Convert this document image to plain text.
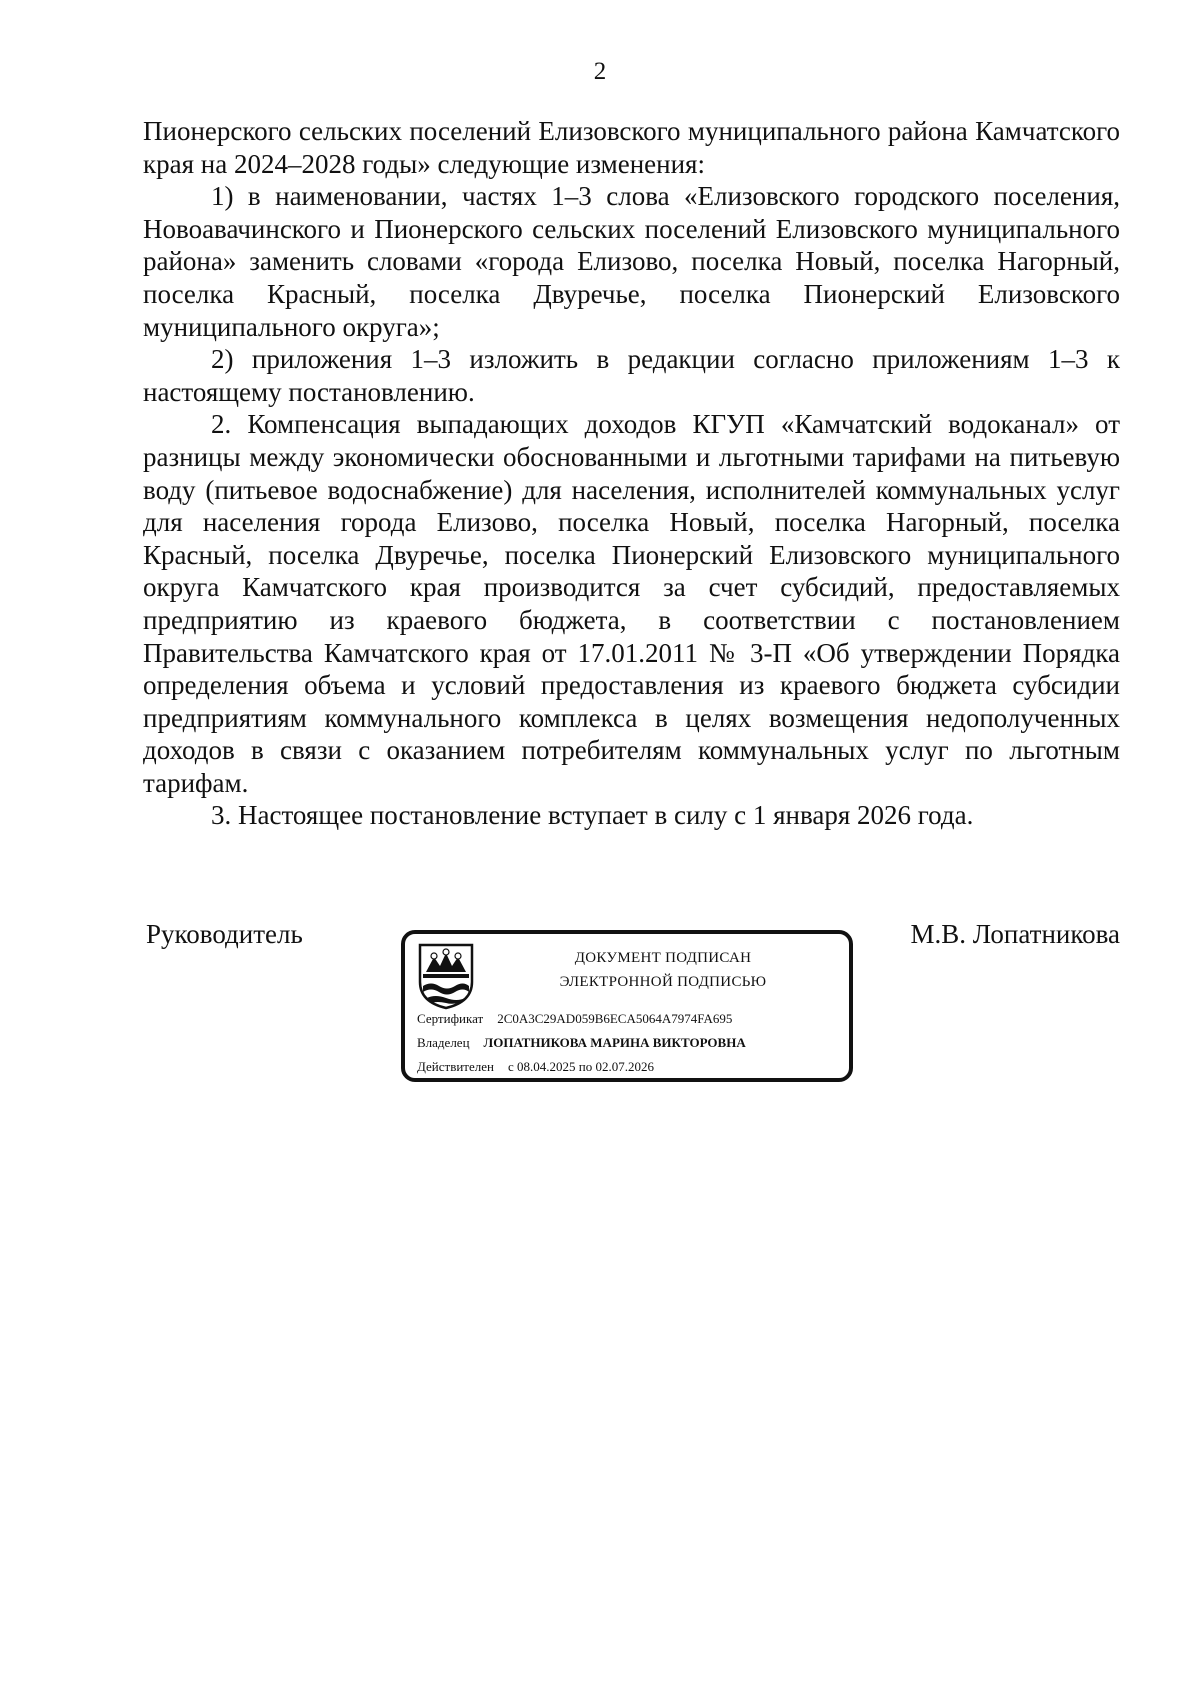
2

Пионерского сельских поселений Елизовского муниципального района Камчатского края на 2024–2028 годы» следующие изменения:

1) в наименовании, частях 1–3 слова «Елизовского городского поселения, Новоавачинского и Пионерского сельских поселений Елизовского муниципального района» заменить словами «города Елизово, поселка Новый, поселка Нагорный, поселка Красный, поселка Двуречье, поселка Пионерский Елизовского муниципального округа»;

2) приложения 1–3 изложить в редакции согласно приложениям 1–3 к настоящему постановлению.

2. Компенсация выпадающих доходов КГУП «Камчатский водоканал» от разницы между экономически обоснованными и льготными тарифами на питьевую воду (питьевое водоснабжение) для населения, исполнителей коммунальных услуг для населения города Елизово, поселка Новый, поселка Нагорный, поселка Красный, поселка Двуречье, поселка Пионерский Елизовского муниципального округа Камчатского края производится за счет субсидий, предоставляемых предприятию из краевого бюджета, в соответствии с постановлением Правительства Камчатского края от 17.01.2011 № 3-П «Об утверждении Порядка определения объема и условий предоставления из краевого бюджета субсидии предприятиям коммунального комплекса в целях возмещения недополученных доходов в связи с оказанием потребителям коммунальных услуг по льготным тарифам.

3. Настоящее постановление вступает в силу с 1 января 2026 года.

Руководитель	М.В. Лопатникова
ДОКУМЕНТ ПОДПИСАН
ЭЛЕКТРОННОЙ ПОДПИСЬЮ
Сертификат 2C0A3C29AD059B6ECA5064A7974FA695
Владелец ЛОПАТНИКОВА МАРИНА ВИКТОРОВНА
Действителен с 08.04.2025 по 02.07.2026
